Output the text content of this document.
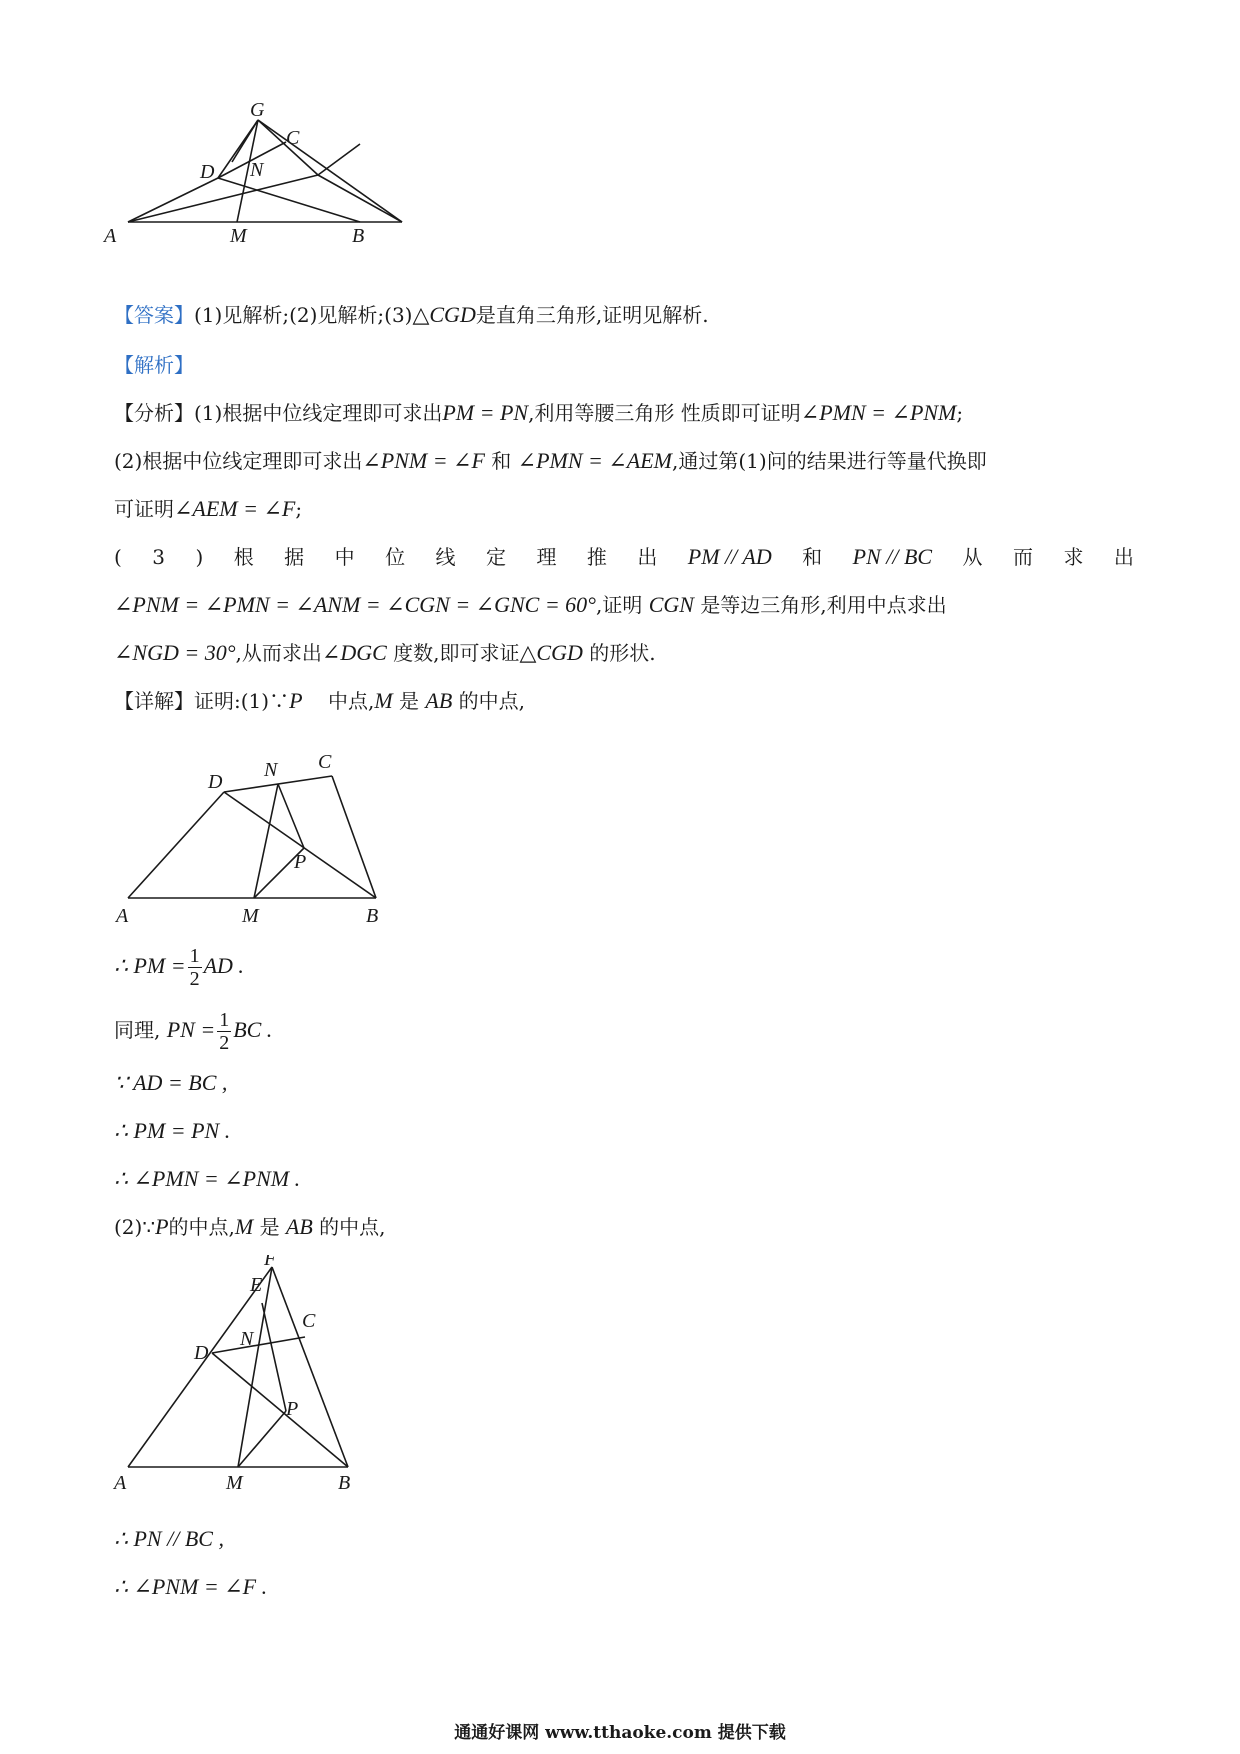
G
C
D N
A	M	B
【答案】(1)见解析;(2)见解析;(3)△CGD是直角三角形,证明见解析.
【解析】
【分析】(1)根据中位线定理即可求出PM = PN,利用等腰三角形 性质即可证明∠PMN = ∠PNM;
(2)根据中位线定理即可求出∠PNM = ∠F 和 ∠PMN = ∠AEM,通过第(1)问的结果进行等量代换即
可证明∠AEM = ∠F;
( 3 ) 根 据 中 位 线 定 理 推 出 PM // AD 和 PN // BC 从 而 求 出
∠PNM = ∠PMN = ∠ANM = ∠CGN = ∠GNC = 60°,证明 CGN 是等边三角形,利用中点求出
∠NGD = 30°,从而求出∠DGC 度数,即可求证△CGD 的形状.
【详解】证明:(1)∵P 中点,M 是 AB 的中点,
D
N C
P
A	M	B
∴ PM = $\frac{1}{2}$ AD .
同理, PN = $\frac{1}{2}$ BC .
∵ AD = BC ,
∴ PM = PN .
∴ ∠PMN = ∠PNM .
(2)∵P的中点,M 是 AB 的中点,
F
E
N
C
D
P
A	M	B
∴ PN // BC ,
∴ ∠PNM = ∠F .
通通好课网 www.tthaoke.com 提供下载
